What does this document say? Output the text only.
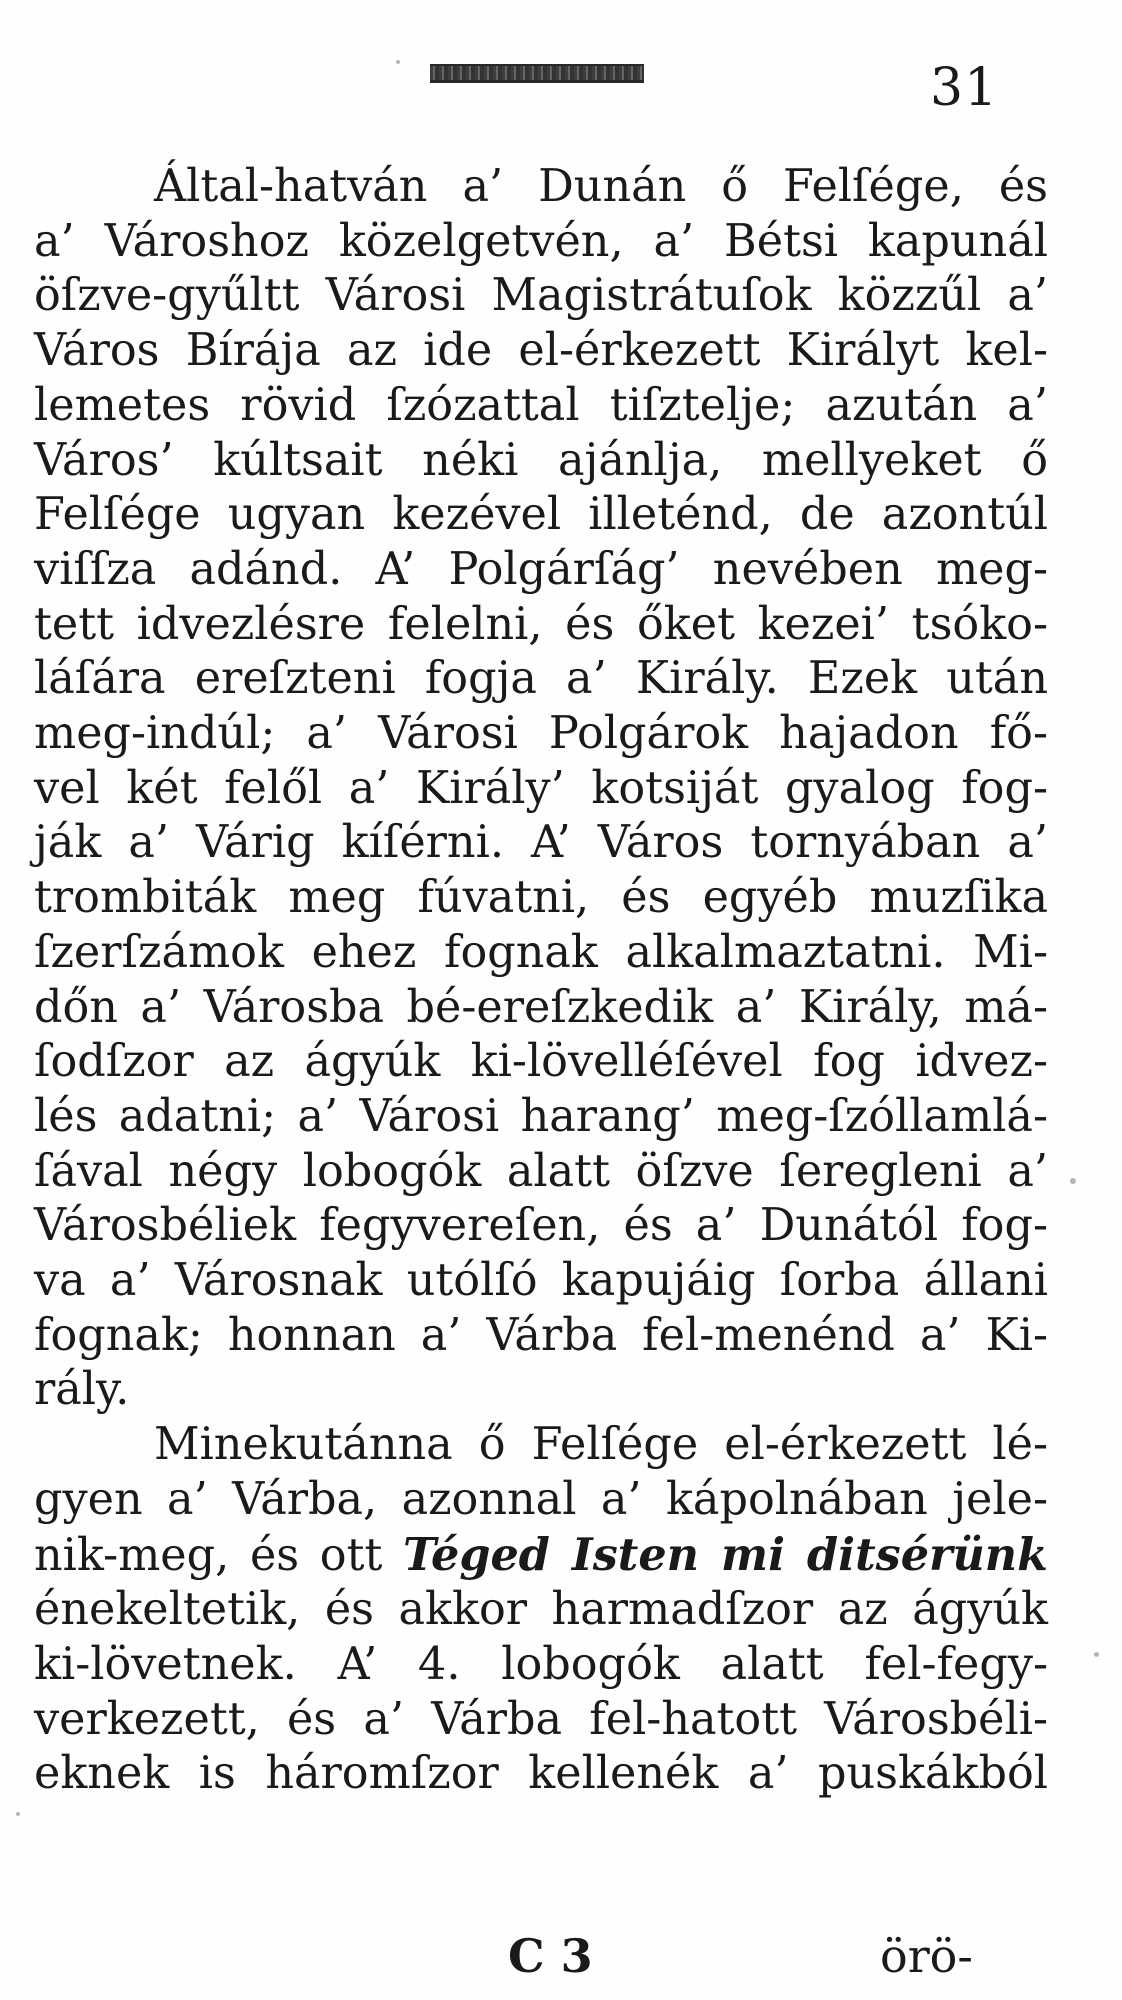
31
Által-hatván a’ Dunán ő Felſége, és
a’ Városhoz közelgetvén, a’ Bétsi kapunál
öſzve-gyűltt Városi Magistrátuſok közzűl a’
Város Bírája az ide el-érkezett Királyt kel-
lemetes rövid ſzózattal tiſztelje; azután a’
Város’ kúltsait néki ajánlja, mellyeket ő
Felſége ugyan kezével illeténd, de azontúl
viſſza adánd. A’ Polgárſág’ nevében meg-
tett idvezlésre felelni, és őket kezei’ tsóko-
láſára ereſzteni fogja a’ Király. Ezek után
meg-indúl; a’ Városi Polgárok hajadon fő-
vel két felől a’ Király’ kotsiját gyalog fog-
ják a’ Várig kíſérni. A’ Város tornyában a’
trombiták meg fúvatni, és egyéb muzſika
ſzerſzámok ehez fognak alkalmaztatni. Mi-
dőn a’ Városba bé-ereſzkedik a’ Király, má-
ſodſzor az ágyúk ki-lövelléſével fog idvez-
lés adatni; a’ Városi harang’ meg-ſzóllamlá-
ſával négy lobogók alatt öſzve ſeregleni a’
Városbéliek fegyvereſen, és a’ Dunától fog-
va a’ Városnak utólſó kapujáig ſorba állani
fognak; honnan a’ Várba fel-menénd a’ Ki-
rály.
Minekutánna ő Felſége el-érkezett lé-
gyen a’ Várba, azonnal a’ kápolnában jele-
nik-meg, és ott Téged Isten mi ditsérünk
énekeltetik, és akkor harmadſzor az ágyúk
ki-lövetnek. A’ 4. lobogók alatt fel-fegy-
verkezett, és a’ Várba fel-hatott Városbéli-
eknek is háromſzor kellenék a’ puskákból
C 3	örö-
